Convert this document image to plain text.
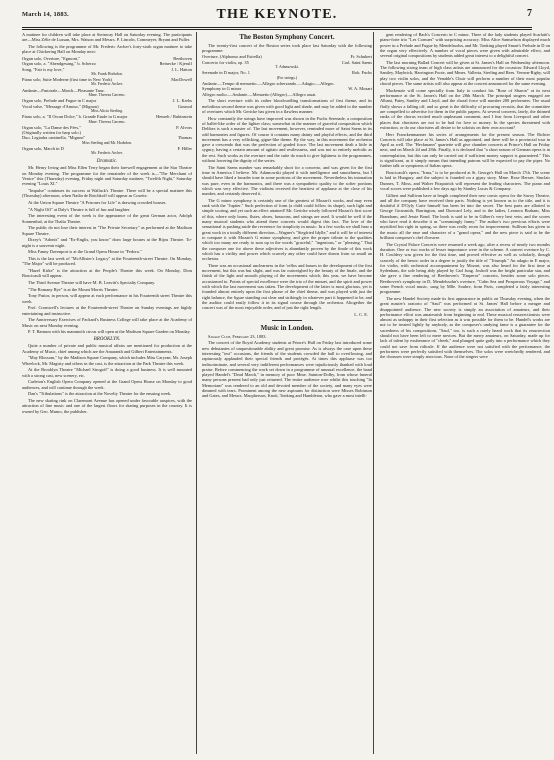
March 14, 1883.	THE KEYNOTE.	7

A matinee for children will take place at Steinway Hall on Saturday evening. The participants are—Miss Zélie de Lussan, Mrs. Watson and Messrs. P. Lincoln, Commeyer, Bryant and Fuller.

The following is the programme of Mr. Frederic Archer's forty-sixth organ matinee to take place at Chickering Hall on Monday next:

Organ solo, Overture, "Egmont,"	Beethoven
Organ solo, a. "Abendgesang," b. Scherzo	Reinecke / Kjerulf
Song, "Fair is my love,"	J. L. Hatton
Mr. Frank Hodsdon.
Piano solo, Suite Moderne (first time in New York)	MacDowell
Mr. Frederic Archer.
Andante—Pastorale—March—Pleasante Tanz.
Mme. Theresa Carreno.
Organ solo, Prelude and Fugue in C major	J. L. Krebs
Vocal valse, "Message d'Amour," (Mignon)	Gounod
Miss Alicia Sterling.
Piano solo, a. "Il Orcan Dolce," b. Grande Etude in G major	Henselt / Rubinstein
Mme. Theresa Carreno.
Organ solo, "La Danse des Fées,"	P. Alvors
(Originally written for harp solo.)
Duo, Legiadra cantinella, "Mignon"	Thomas
Miss Sterling and Mr. Hodsdon.
Organ solo, March in D	F. Hiller
Mr. Frederic Archer.
Dramatic.

Mr. Henry Irving and Miss Ellen Terry began their farewell engagement at the Star Theatre on Monday evening. The programme for the remainder of the week is—"The Merchant of Venice" this (Thursday) evening, Friday night and Saturday matinee, "Twelfth Night," Saturday evening "Louis XI."

"Impulse" continues its success at Wallack's Theatre. There will be a special matinee this (Thursday) afternoon, when Nadia de Rotchkoff will appear as Cosette.

At the Union Square Theatre "A Prisoner for Life" is drawing crowded houses.

"A Night Off" at Daly's Theatre is full of fun and laughter.

The interesting event of the week is the appearance of the great German actor, Adolph Sonnenthal, at the Thalia Theatre.

The public do not lose their interest in "The Private Secretary" as performed at the Madison Square Theatre.

Dixey's "Adonis" and "Ex-Englis, you know" draw large houses at the Bijou Theatre. To-night is a souvenir night.

Miss Fanny Davenport is at the Grand Opera House in "Fedora."

This is the last week of "McAllister's Legacy" at the Fourteenth-street Theatre. On Monday, "The Major" will be produced.

"Hazel Kirke" is the attraction at the People's Theatre this week. On Monday, Dion Boucicault will appear.

The Third Avenue Theatre will have M. B. Leavitt's Specialty Company.

"The Romany Rye" is at the Mount Morris Theatre.

Tony Pastor, in person, will appear at each performance in his Fourteenth street Theatre this week.

Prof. Cromwell's lectures at the Fourteenth-street Theatre on Sunday evenings are highly entertaining and instructive.

The Anniversary Exercises of Packard's Business College will take place at the Academy of Music on next Monday evening.

P. T. Barnum with his mammoth circus will open at the Madison Square Garden on Monday.

BROOKLYN.

Quite a number of private and public musical affairs are mentioned for production at the Academy of Music, chief among which are the Amaranth and Gilbert Entertainments.

"May Blossom," by the Madison Square Company, which includes Miss Caryran, Mr. Joseph Wheelock, Mr. Magisty and others in the cast, is the attraction at the Park Theatre this week.

At the Brooklyn Theatre "Michael Strogoff" is doing a good business. It is well mounted with a strong cast, new scenery, etc.

Carleton's English Opera Company opened at the Grand Opera House on Monday to good audiences, and will continue through the week.

Dan's "Tribulations" is the attraction at the Novelty Theatre for the ensuing week.

The new skating rink on Claremont Avenue has opened under favorable auspices, with the attraction of fine music and one of the largest floors for skating purposes in the country. It is owned by Geo. Munro, the publisher.

The Boston Symphony Concert.

The twenty-first concert of the Boston series took place last Saturday with the following programme:

Overture, (Alphonso and Estrella)	Fr. Schubert
Concerto for violin, op. 35	Carl. Saint Saens
T. Adamowski.
Serenade in D major, No. 1	Rob. Fuchs
(For strings.)
Andante.—Tempo di menuetto.—Allegro scherzando.—Adagio.—Allegro.
Symphony in G minor	W. A. Mozart
Allegro molto.—Andante.—Menuetto (Allegro).—Allegro assai.

The short overture with its rather bloodcurdling transformations of first theme, and its melodious second theme was given with good light and shade, and may be added to the number of overtures which Mr. Gericke has given in a flawless manner.

How constantly the strings have improved was shown in the Fuchs Serenade, a composition of ballet-like order of the lighter class; somewhat in the manner of graceful composition which Delibes is such a master of. The last movement, however, reminded more of Saint Saens in its odd harmonies and figures. Of course it contains many dainty and playful effects, and the third movement has a very rollicking, gigue-like theme. By the way, in this movement the orchestra gave a crescendo that was the perfection of graded force. The last movement dealt a little in sygnry, having a certain amount of agitato and restlessness, and was not so entirely melodic as the rest. Such works as the overture and the suite do much to give lightness to the programmes, without lowering the dignity of the series.

The Saint Saens number was remarkably short for a concerto, and was given for the first time in America I believe. Mr. Adamowski played it with intelligence and smoothness, but I should have liked a broader tone in some portions of the movement. Nevertheless his intonation was pure, even in the harmonics, and there was a sympathetic quality to the softer portions which was very effective. The violinist received the heartiest of applause at the close of his number, and certainly deserved it.

The G minor symphony is certainly one of the greatest of Mozart's works, and may even rank with the "Jupiter." Such perfection of form (a child could follow its shape), such light and simple scoring, and yet such an effect attained! Mr. Gericke wisely followed Mozart's first score of this, where only horns, flutes, oboes, bassoons, and strings are used. It would be well if the many musical students who attend these concerts would digest this fact. The love of the sensational is pushing aside the reverence for simplicity in music. In a few works we shall hear a great work in a totally different direction—Wagner's "Siegfried Idylle," and it will be of interest to compare it with Mozart's G minor symphony, and give the proper tribute to the qualities which too many are ready to sum up in the words "graceful," "ingenious," or "pleasing." That the composer one for above these adjectives is abundantly proven by the finale of this work which has a virility and power which scarcely any other could have drawn from so small an orchestra.

There was an occasional unclearness in the 'cellos and basses in the development of the first movement, but this was but slight, and was far outweighed by the beauty of the finale, and the finish of the light and smooth playing of the movements which, this year, we have become accustomed to. Points of special excellence were the trio of the minuet, and the spirit and power with which the last movement was taken. The development of the latter is most glorious, yet is founded almost entirely upon the first phrase of the chief theme, and was played with just the right balance, the figure standing out clear and strikingly in whatever part it happened to be, and the auditor could easily follow it in its signal course through the orchestra. Altogether the concert was of the most enjoyable order, and of just the right length.

L. C. E.
Music in London.

Savage Club, February 23, 1883.

The concert of the Royal Academy students at Prince's Hall on Friday last introduced some new debutantes of unquestionable ability and great promise. As is always the case upon these interesting "test" occasions, the friends of the students crowded the hall to overflowing, and rapturously applauded their special friends and protégés. At times this applause was too indiscriminate, and several very indifferent performances were injudiciously thanked with loud praise. Before commencing the work set down in a programme of unusual excellence, the band played Handel's "Dead March," in memory of poor Mme. Sainton-Dolby, from whose funeral many persons present had only just returned. The entire audience rose whilst this touching "In Memoriam" was rendered to an old and devoted member of the society, and many eyes were dimmed with tears. Prominent among the new aspirants for distinction were Misses Robinson and Gates, and Messrs. Macpherson, Knott, Tonking and Hambleton, who gave a most intelli-

gent rendering of Bach's Concerto in C minor. Three of the lady students played Scarlatti's piano-forte trio "Les Cornues" with surprising accuracy. Miss Alice Samuelson displayed much power in a Prelude and Fugue by Mendelssohn, and Mr. Tonking played Smart's Prelude in D on the organ very effectively. A number of vocal pieces were given with admirable effect, and several original compositions by students added great interest to a delightful concert.

The last morning Ballad Concert will be given at St. James's Hall on Wednesday afternoon. The following strong team of high class artists are announced for the occasion: Edward Lloyd, Santley, Maybrick, Harrington Foote, and Mmes. Vallerta, Sterling and Rees. Vernon-Rigby, will play two violin solos, and the Venable's Choir will perform a number of their most popular choral pieces. The same artists will also appear at the concert announced for the same evening.

Mackenzie will come specially from Italy to conduct his "Rose of Sharon" at its next performance at the St. James's Hall on the 28th March. The principal singers engaged are Albani, Patey, Santley and Lloyd, and the choral force will number 200 performers. The usual fluffy shows a falling off, and so great is the difficulty of procuring recruits, that the committee are compelled to advertise for them in the public papers. At several concerts, lately, the thinned ranks of the chorus excited much unpleasant comment, and I fear from Liverpool and other places that choristers are not to be had for love or money. In the species threatened with extinction, or do our choristers all desire to be soloists on their own account?

Herr Franckenmanner his series of arrangements for the present season. The Richter Concerts will take place at St. James's Hall as appointed, and there will be a provincial tour in April as well. The "Heckmann" quartette will give chamber concerts at Prince's Hall on Friday next, and on March 2d and 28th. Finally, it is declared that "a short season of German opera is in contemplation, but this can only be carried out if sufficient money support is guaranteed." This is significant, as it simply means that intending patrons will be expected to pay the piper. No further talk or symptoms of Italian opera.

Boucicault's opera, "Irma," is to be produced at St. George's Hall on March 17th. The scene is laid in Hungary, and the subject is founded on a gipsy story. Mme. Rose Hersee, Sinclair Dunnes, T. Moss, and Walter Fitzpatrick will represent the leading characters. The piano and vocal scores were published a few days ago by Stanley Lucas & Company.

Gilbert and Sullivan have at length completed their new comic opera for the Savoy Theatre, and all the company have received their parts. Nothing is yet known as to the title, and it is doubtful if D'Oyly Carte himself has been let into the secret. The best parts are allotted to George Grossmith, Barrington, and Durward Lely, and to the ladies, Leonora Braham, Miss Brandram, and Jessie Bond. The book is said to be in Gilbert's very best vein, and the scores who have read it describe it as "screamingly funny." The author's two previous efforts were mystified but right in spring, so there was really room for improvement. Sullivan has given to the music all the ease and character of a "grand opera," and the new piece is said to be the brilliant composer's chef d'oeuvre.

The Crystal Palace Concerts were resumed a week ago, after a recess of nearly two months duration. One or two works of lesser importance were in the scheme. A concert overture by C. H. Couldery was given for the first time, and proved effective as well as scholarly, though scarcely of the heroic order in a degree to justify the title of "Triumph." An adagio in E major, for violin, with orchestral accompaniment by Mozart, was also heard for the first time at Sydenham, the sole being ably played by Carl Jung. Joshoff was the bright particular star, and she gave a fine rendering of Beethoven's "Emperor" concerto, besides some solo pieces. Beethoven's symphony in D, Mendelssohn's overture, "Calm Sea and Prosperous Voyage," and some French vocal music, sung by Mlle. Soubre, from Paris, completed a fairly interesting programme.

The new Handel Society made its first appearance in public on Thursday evening, when the great master's oratorio of "Saul" was performed at St. James' Hall before a meagre and disappointed audience. The new society is simply an association of amateurs, and their performance effort was amateurish from beginning to end. These musical resurrectionists were almost as unhappy in their first selection as it was possible for them to be. Handel's works are not to be treated lightly by anybody, as the composer's undying fame is a guarantee for the sacredness of his compositions. "Saul," too, is such a rarely heard work that its resurrection should not have been left to mere novices. But the merry amateurs, on Saturday, made up for lack of talent by exuberance of "cheek," and plunged quite gaily into a performance which they could not save from ridicule. If the audience were not satisfied with the performance, the performers were perfectly satisfied with themselves. The solos were wretchedly rendered, and the choruses were simply atrocious. None of the singers were
